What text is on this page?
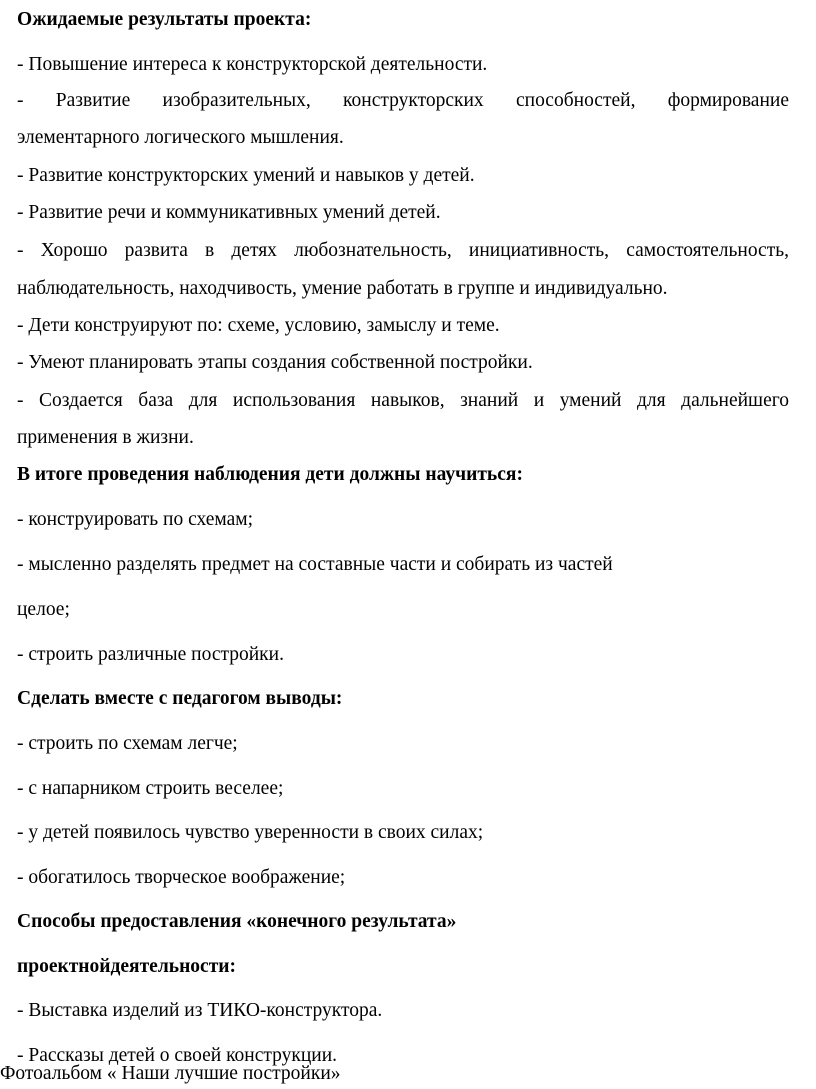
Ожидаемые результаты проекта:
- Повышение интереса к конструкторской деятельности.
- Развитие изобразительных, конструкторских способностей, формирование
элементарного логического мышления.
- Развитие конструкторских умений и навыков у детей.
- Развитие речи и коммуникативных умений детей.
- Хорошо развита в детях любознательность, инициативность, самостоятельность,
наблюдательность, находчивость, умение работать в группе и индивидуально.
- Дети конструируют по: схеме, условию, замыслу и теме.
- Умеют планировать этапы создания собственной постройки.
- Создается база для использования навыков, знаний и умений для дальнейшего
применения в жизни.
В итоге проведения наблюдения дети должны научиться:
- конструировать по схемам;
- мысленно разделять предмет на составные части и собирать из частей
целое;
- строить различные постройки.
Сделать вместе с педагогом выводы:
- строить по схемам легче;
- с напарником строить веселее;
- у детей появилось чувство уверенности в своих силах;
- обогатилось творческое воображение;
Способы предоставления «конечного результата»
проектнойдеятельности:
- Выставка изделий из ТИКО-конструктора.
- Рассказы детей о своей конструкции.
Фотоальбом « Наши лучшие постройки»
